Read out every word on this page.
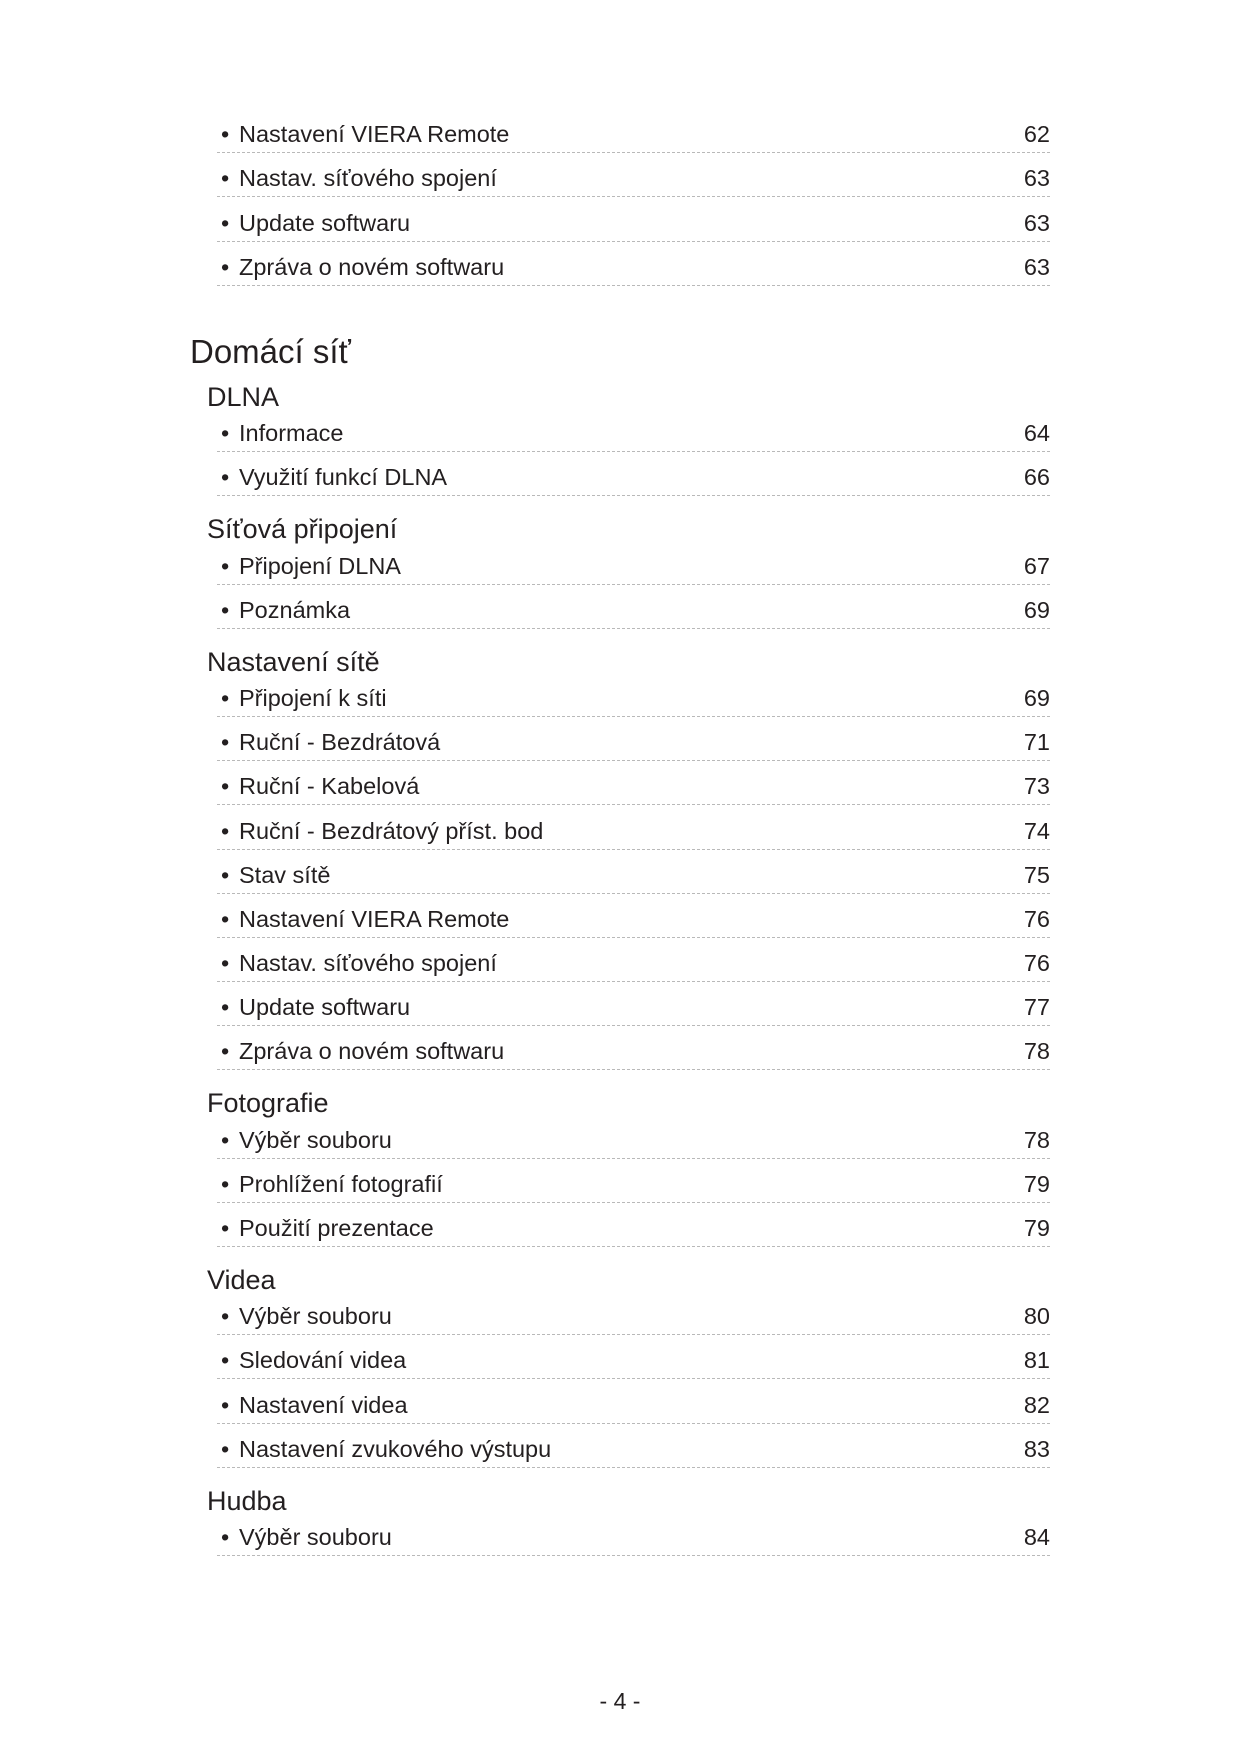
• Nastavení VIERA Remote	62
• Nastav. síťového spojení	63
• Update softwaru	63
• Zpráva o novém softwaru	63
Domácí síť
DLNA
• Informace	64
• Využití funkcí DLNA	66
Síťová připojení
• Připojení DLNA	67
• Poznámka	69
Nastavení sítě
• Připojení k síti	69
• Ruční - Bezdrátová	71
• Ruční - Kabelová	73
• Ruční - Bezdrátový příst. bod	74
• Stav sítě	75
• Nastavení VIERA Remote	76
• Nastav. síťového spojení	76
• Update softwaru	77
• Zpráva o novém softwaru	78
Fotografie
• Výběr souboru	78
• Prohlížení fotografií	79
• Použití prezentace	79
Videa
• Výběr souboru	80
• Sledování videa	81
• Nastavení videa	82
• Nastavení zvukového výstupu	83
Hudba
• Výběr souboru	84
- 4 -
